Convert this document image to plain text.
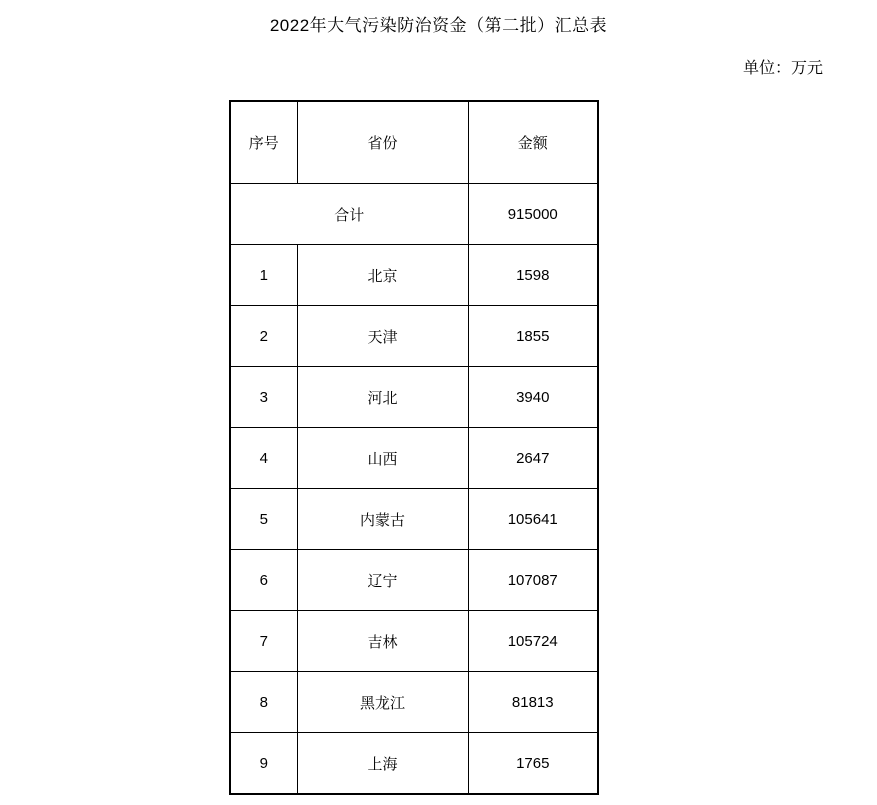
2022年大气污染防治资金（第二批）汇总表
单位：万元
序号	省份	金额
合计		915000
1	北京	1598
2	天津	1855
3	河北	3940
4	山西	2647
5	内蒙古	105641
6	辽宁	107087
7	吉林	105724
8	黑龙江	81813
9	上海	1765
